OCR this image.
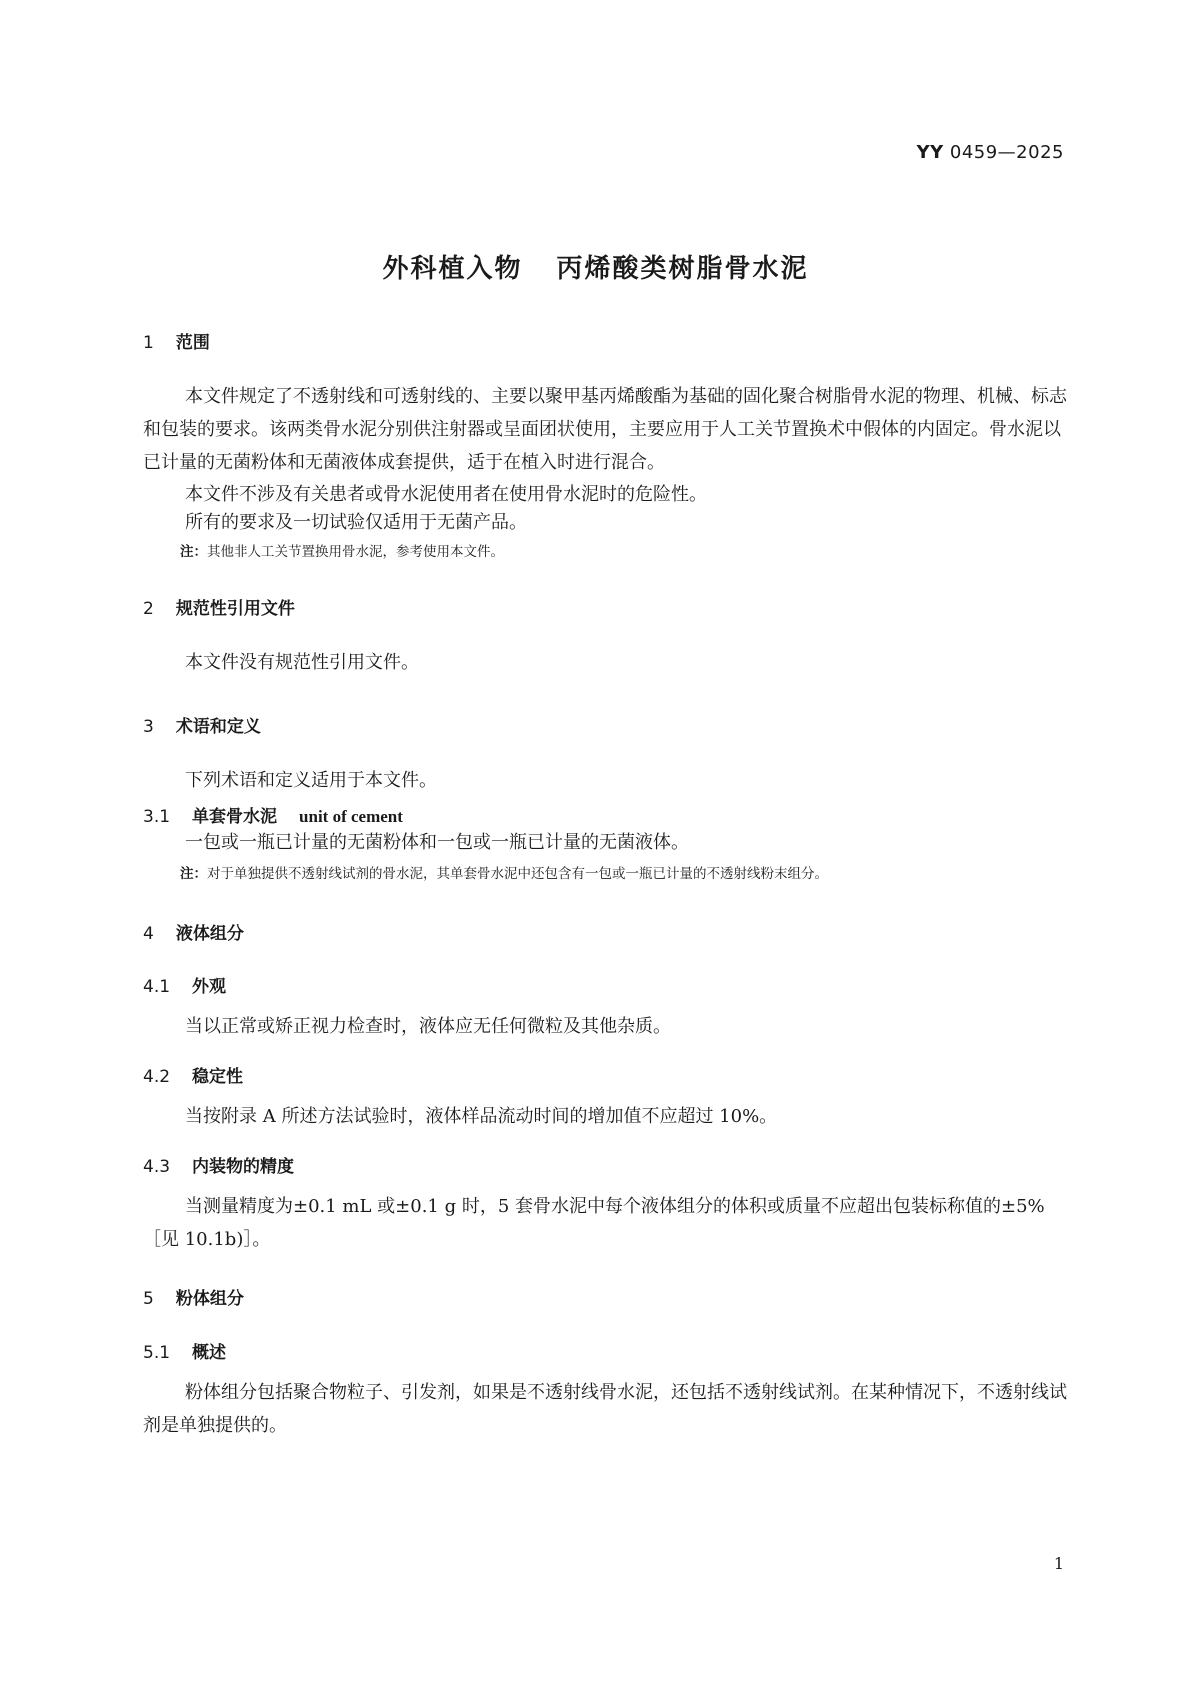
YY 0459—2025
外科植入物 丙烯酸类树脂骨水泥
1 范围
本文件规定了不透射线和可透射线的、主要以聚甲基丙烯酸酯为基础的固化聚合树脂骨水泥的物理、机械、标志和包装的要求。该两类骨水泥分别供注射器或呈面团状使用，主要应用于人工关节置换术中假体的内固定。骨水泥以已计量的无菌粉体和无菌液体成套提供，适于在植入时进行混合。
本文件不涉及有关患者或骨水泥使用者在使用骨水泥时的危险性。
所有的要求及一切试验仅适用于无菌产品。
注：其他非人工关节置换用骨水泥，参考使用本文件。
2 规范性引用文件
本文件没有规范性引用文件。
3 术语和定义
下列术语和定义适用于本文件。
3.1 单套骨水泥 unit of cement
一包或一瓶已计量的无菌粉体和一包或一瓶已计量的无菌液体。
注：对于单独提供不透射线试剂的骨水泥，其单套骨水泥中还包含有一包或一瓶已计量的不透射线粉末组分。
4 液体组分
4.1 外观
当以正常或矫正视力检查时，液体应无任何微粒及其他杂质。
4.2 稳定性
当按附录 A 所述方法试验时，液体样品流动时间的增加值不应超过 10%。
4.3 内装物的精度
当测量精度为±0.1 mL 或±0.1 g 时，5 套骨水泥中每个液体组分的体积或质量不应超出包装标称值的±5%［见 10.1b)］。
5 粉体组分
5.1 概述
粉体组分包括聚合物粒子、引发剂，如果是不透射线骨水泥，还包括不透射线试剂。在某种情况下，不透射线试剂是单独提供的。
1
